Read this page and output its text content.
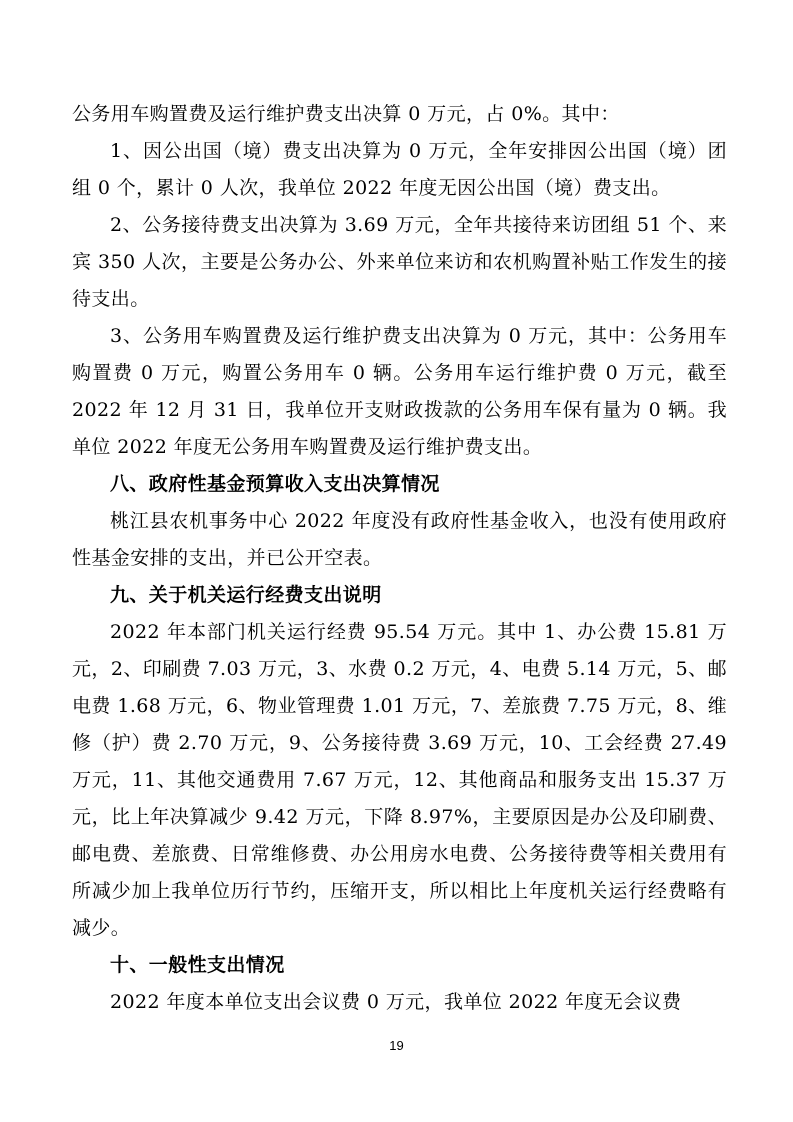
公务用车购置费及运行维护费支出决算 0 万元，占 0%。其中：

1、因公出国（境）费支出决算为 0 万元，全年安排因公出国（境）团组 0 个，累计 0 人次，我单位 2022 年度无因公出国（境）费支出。

2、公务接待费支出决算为 3.69 万元，全年共接待来访团组 51 个、来宾 350 人次，主要是公务办公、外来单位来访和农机购置补贴工作发生的接待支出。

3、公务用车购置费及运行维护费支出决算为 0 万元，其中：公务用车购置费 0 万元，购置公务用车 0 辆。公务用车运行维护费 0 万元，截至 2022 年 12 月 31 日，我单位开支财政拨款的公务用车保有量为 0 辆。我单位 2022 年度无公务用车购置费及运行维护费支出。

八、政府性基金预算收入支出决算情况

桃江县农机事务中心 2022 年度没有政府性基金收入，也没有使用政府性基金安排的支出，并已公开空表。

九、关于机关运行经费支出说明

2022 年本部门机关运行经费 95.54 万元。其中 1、办公费 15.81 万元，2、印刷费 7.03 万元，3、水费 0.2 万元，4、电费 5.14 万元，5、邮电费 1.68 万元，6、物业管理费 1.01 万元，7、差旅费 7.75 万元，8、维修（护）费 2.70 万元，9、公务接待费 3.69 万元，10、工会经费 27.49 万元，11、其他交通费用 7.67 万元，12、其他商品和服务支出 15.37 万元，比上年决算减少 9.42 万元，下降 8.97%，主要原因是办公及印刷费、邮电费、差旅费、日常维修费、办公用房水电费、公务接待费等相关费用有所减少加上我单位历行节约，压缩开支，所以相比上年度机关运行经费略有减少。

十、一般性支出情况

2022 年度本单位支出会议费 0 万元，我单位 2022 年度无会议费

19
